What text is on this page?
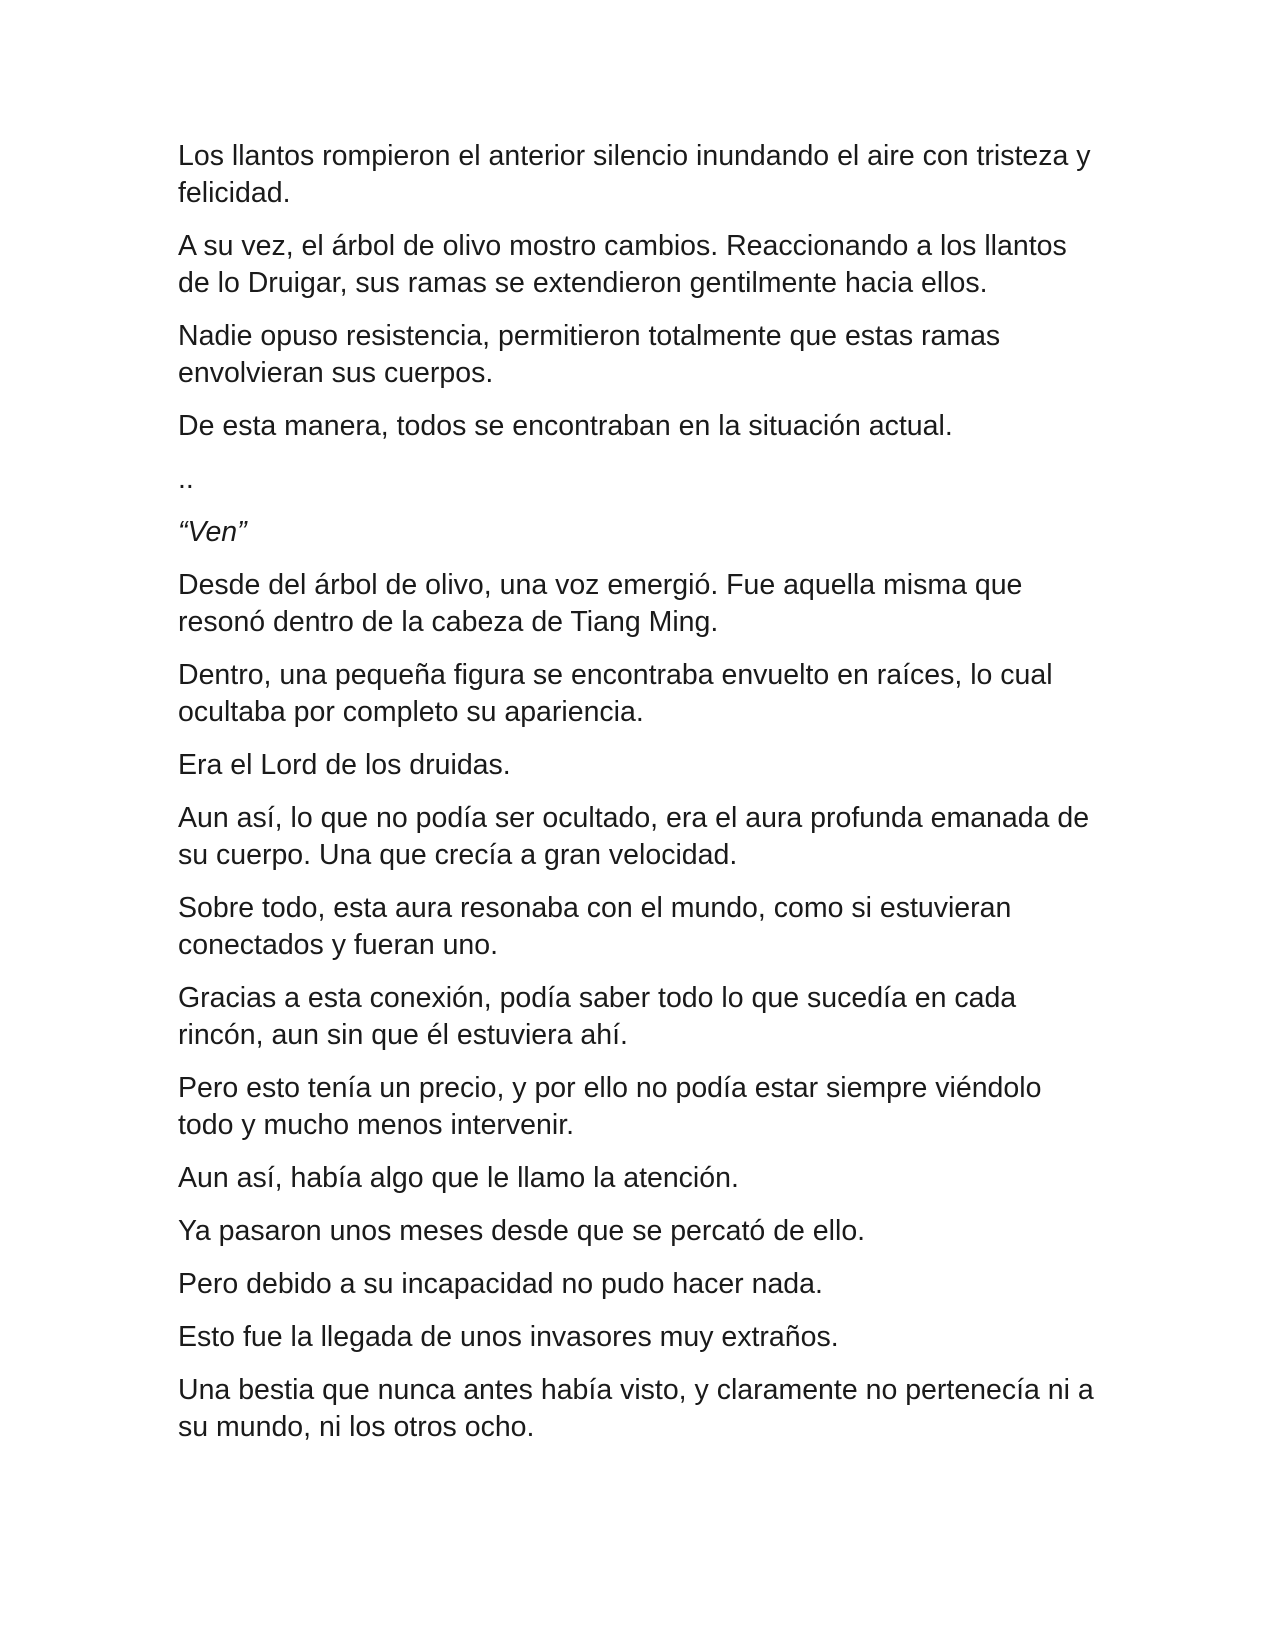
Los llantos rompieron el anterior silencio inundando el aire con tristeza y felicidad.

A su vez, el árbol de olivo mostro cambios. Reaccionando a los llantos de lo Druigar, sus ramas se extendieron gentilmente hacia ellos.

Nadie opuso resistencia, permitieron totalmente que estas ramas envolvieran sus cuerpos.

De esta manera, todos se encontraban en la situación actual.

..

“Ven”

Desde del árbol de olivo, una voz emergió. Fue aquella misma que resonó dentro de la cabeza de Tiang Ming.

Dentro, una pequeña figura se encontraba envuelto en raíces, lo cual ocultaba por completo su apariencia.

Era el Lord de los druidas.

Aun así, lo que no podía ser ocultado, era el aura profunda emanada de su cuerpo. Una que crecía a gran velocidad.

Sobre todo, esta aura resonaba con el mundo, como si estuvieran conectados y fueran uno.

Gracias a esta conexión, podía saber todo lo que sucedía en cada rincón, aun sin que él estuviera ahí.

Pero esto tenía un precio, y por ello no podía estar siempre viéndolo todo y mucho menos intervenir.

Aun así, había algo que le llamo la atención.

Ya pasaron unos meses desde que se percató de ello.

Pero debido a su incapacidad no pudo hacer nada.

Esto fue la llegada de unos invasores muy extraños.

Una bestia que nunca antes había visto, y claramente no pertenecía ni a su mundo, ni los otros ocho.
